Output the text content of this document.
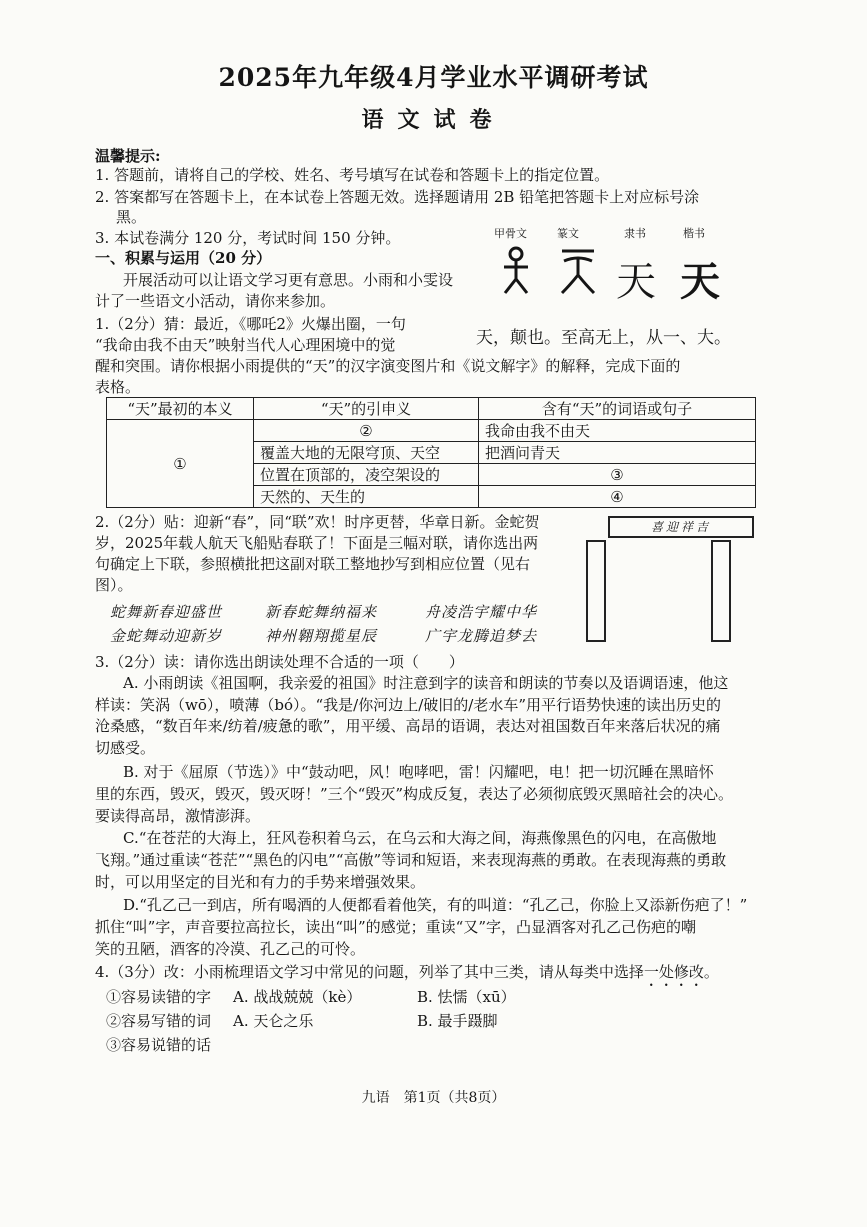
2025年九年级4月学业水平调研考试
语文试卷
温馨提示:
1. 答题前，请将自己的学校、姓名、考号填写在试卷和答题卡上的指定位置。
2. 答案都写在答题卡上，在本试卷上答题无效。选择题请用 2B 铅笔把答题卡上对应标号涂
黑。
3. 本试卷满分 120 分，考试时间 150 分钟。
一、积累与运用（20 分）
开展活动可以让语文学习更有意思。小雨和小雯设
计了一些语文小活动，请你来参加。
甲骨文	篆文	隶书	楷书
天 天
天，颠也。至高无上，从一、大。
1.（2分）猜：最近，《哪吒2》火爆出圈，一句
“我命由我不由天”映射当代人心理困境中的觉
醒和突围。请你根据小雨提供的“天”的汉字演变图片和《说文解字》的解释，完成下面的
表格。
“天”最初的本义	“天”的引申义	含有“天”的词语或句子
①	②	我命由我不由天
	覆盖大地的无限穹顶、天空	把酒问青天
	位置在顶部的，凌空架设的	③
	天然的、天生的	④
2.（2分）贴：迎新“春”，同“联”欢！时序更替，华章日新。金蛇贺
岁，2025年载人航天飞船贴春联了！下面是三幅对联，请你选出两
句确定上下联，参照横批把这副对联工整地抄写到相应位置（见右
图）。
蛇舞新春迎盛世	新春蛇舞纳福来	舟凌浩宇耀中华
金蛇舞动迎新岁	神州翱翔揽星辰	广宇龙腾追梦去
喜迎祥吉
3.（2分）读：请你选出朗读处理不合适的一项（　　）
A. 小雨朗读《祖国啊，我亲爱的祖国》时注意到字的读音和朗读的节奏以及语调语速，他这
样读：笑涡（wō），喷薄（bó）。“我是/你河边上/破旧的/老水车”用平行语势快速的读出历史的
沧桑感，“数百年来/纺着/疲惫的歌”，用平缓、高昂的语调，表达对祖国数百年来落后状况的痛
切感受。
B. 对于《屈原（节选）》中“鼓动吧，风！咆哮吧，雷！闪耀吧，电！把一切沉睡在黑暗怀
里的东西，毁灭，毁灭，毁灭呀！”三个“毁灭”构成反复，表达了必须彻底毁灭黑暗社会的决心。
要读得高昂，激情澎湃。
C.“在苍茫的大海上，狂风卷积着乌云，在乌云和大海之间，海燕像黑色的闪电，在高傲地
飞翔。”通过重读“苍茫”“黑色的闪电”“高傲”等词和短语，来表现海燕的勇敢。在表现海燕的勇敢
时，可以用坚定的目光和有力的手势来增强效果。
D.“孔乙己一到店，所有喝酒的人便都看着他笑，有的叫道：“孔乙己，你脸上又添新伤疤了！”
抓住“叫”字，声音要拉高拉长，读出“叫”的感觉；重读“又”字，凸显酒客对孔乙己伤疤的嘲
笑的丑陋，酒客的冷漠、孔乙己的可怜。
4.（3分）改：小雨梳理语文学习中常见的问题，列举了其中三类，请从每类中选择一处修改。
①容易读错的字 A. 战战兢兢（kè）	B. 怯懦（xū）
②容易写错的词 A. 天仑之乐	B. 最手蹑脚
③容易说错的话
九语　第1页（共8页）
